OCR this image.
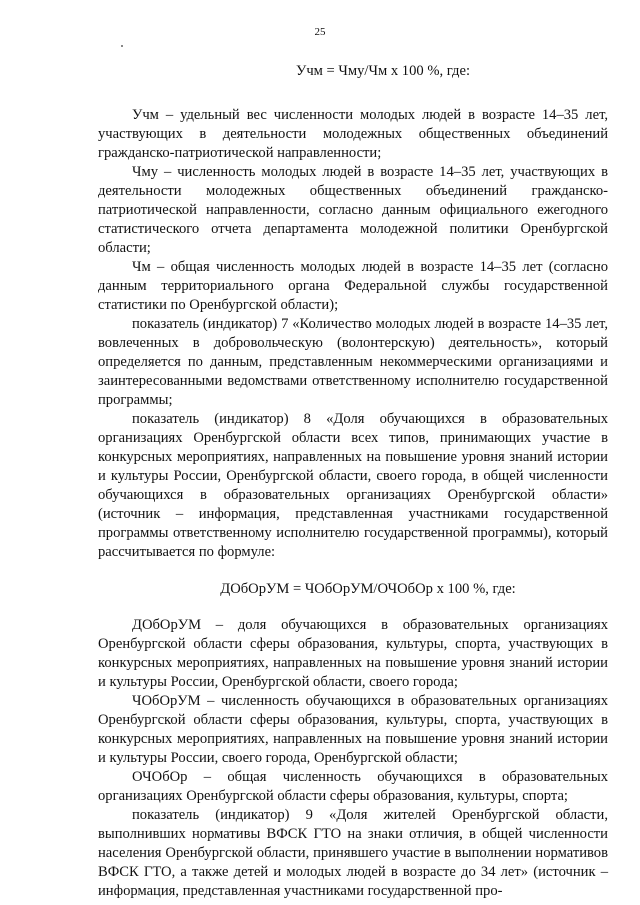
25

Учм = Чму/Чм х 100 %, где:

Учм – удельный вес численности молодых людей в возрасте 14–35 лет, участвующих в деятельности молодежных общественных объединений гражданско-патриотической направленности;

Чму – численность молодых людей в возрасте 14–35 лет, участвующих в деятельности молодежных общественных объединений гражданско-патриотической направленности, согласно данным официального ежегодного статистического отчета департамента молодежной политики Оренбургской области;

Чм – общая численность молодых людей в возрасте 14–35 лет (согласно данным территориального органа Федеральной службы государственной статистики по Оренбургской области);

показатель (индикатор) 7 «Количество молодых людей в возрасте 14–35 лет, вовлеченных в добровольческую (волонтерскую) деятельность», который определяется по данным, представленным некоммерческими организациями и заинтересованными ведомствами ответственному исполнителю государственной программы;

показатель (индикатор) 8 «Доля обучающихся в образовательных организациях Оренбургской области всех типов, принимающих участие в конкурсных мероприятиях, направленных на повышение уровня знаний истории и культуры России, Оренбургской области, своего города, в общей численности обучающихся в образовательных организациях Оренбургской области» (источник – информация, представленная участниками государственной программы ответственному исполнителю государственной программы), который рассчитывается по формуле:

ДОбОрУМ = ЧОбОрУМ/ОЧОбОр х 100 %, где:

ДОбОрУМ – доля обучающихся в образовательных организациях Оренбургской области сферы образования, культуры, спорта, участвующих в конкурсных мероприятиях, направленных на повышение уровня знаний истории и культуры России, Оренбургской области, своего города;

ЧОбОрУМ – численность обучающихся в образовательных организациях Оренбургской области сферы образования, культуры, спорта, участвующих в конкурсных мероприятиях, направленных на повышение уровня знаний истории и культуры России, своего города, Оренбургской области;

ОЧОбОр – общая численность обучающихся в образовательных организациях Оренбургской области сферы образования, культуры, спорта;

показатель (индикатор) 9 «Доля жителей Оренбургской области, выполнивших нормативы ВФСК ГТО на знаки отличия, в общей численности населения Оренбургской области, принявшего участие в выполнении нормативов ВФСК ГТО, а также детей и молодых людей в возрасте до 34 лет» (источник – информация, представленная участниками государственной про-
